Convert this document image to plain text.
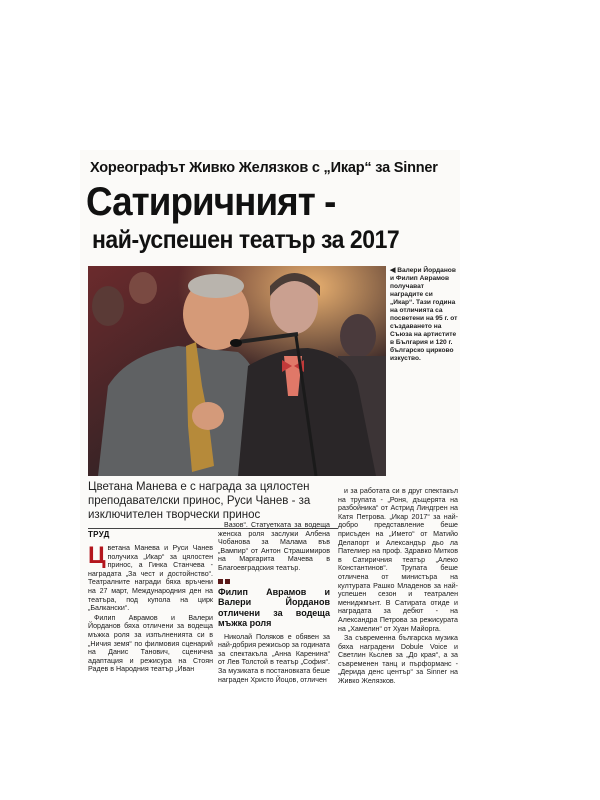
Хореографът Живко Желязков с „Икар“ за Sinner
Сатиричният -
най-успешен театър за 2017
◀ Валери Йорданов и Филип Аврамов получават наградите си „Икар“. Тази година на отличията са посветени на 95 г. от създаването на Съюза на артистите в България и 120 г. българско цирково изкуство.
Цветана Манева е с награда за цялостен преподавателски принос, Руси Чанев - за изключителен творчески принос
ТРУД

Цветана Манева и Руси Чанев получиха „Икар“ за цялостен принос, а Гинка Станчева - наградата „За чест и достойнство“. Театралните награди бяха връчени на 27 март, Международния ден на театъра, под купола на цирк „Балкански“.

Филип Аврамов и Валери Йорданов бяха отличени за водеща мъжка роля за изпълненията си в „Ничия земя“ по филмовия сценарий на Данис Танович, сценична адаптация и режисура на Стоян Радев в Народния театър „Иван

Вазов“. Статуетката за водеща женска роля заслужи Албена Чобанова за Малама във „Вампир“ от Антон Страшимиров на Маргарита Мачева в Благоевградския театър.

Филип Аврамов и Валери Йорданов отличени за водеща мъжка роля

Николай Поляков е обявен за най-добрия режисьор за годината за спектакъла „Анна Каренина“ от Лев Толстой в театър „София“. За музиката в постановката беше награден Христо Йоцов, отличен

и за работата си в друг спектакъл на трупата - „Роня, дъщерята на разбойника“ от Астрид Линдгрен на Катя Петрова. „Икар 2017“ за най-добро представление беше присъден на „Името“ от Матийо Делапорт и Александър дьо ла Пателиер на проф. Здравко Митков в Сатиричния театър „Алеко Константинов“. Трупата беше отличена от министъра на културата Рашко Младенов за най-успешен сезон и театрален мениджмънт. В Сатирата отиде и наградата за дебют - на Александра Петрова за режисурата на „Хамелин“ от Хуан Майорга.

За съвременна българска музика бяха наградени Dobule Voice и Светлин Кьслев за „До края“, а за съвременен танц и пърформанс - „Дерида денс център“ за Sinner на Живко Желязков.
